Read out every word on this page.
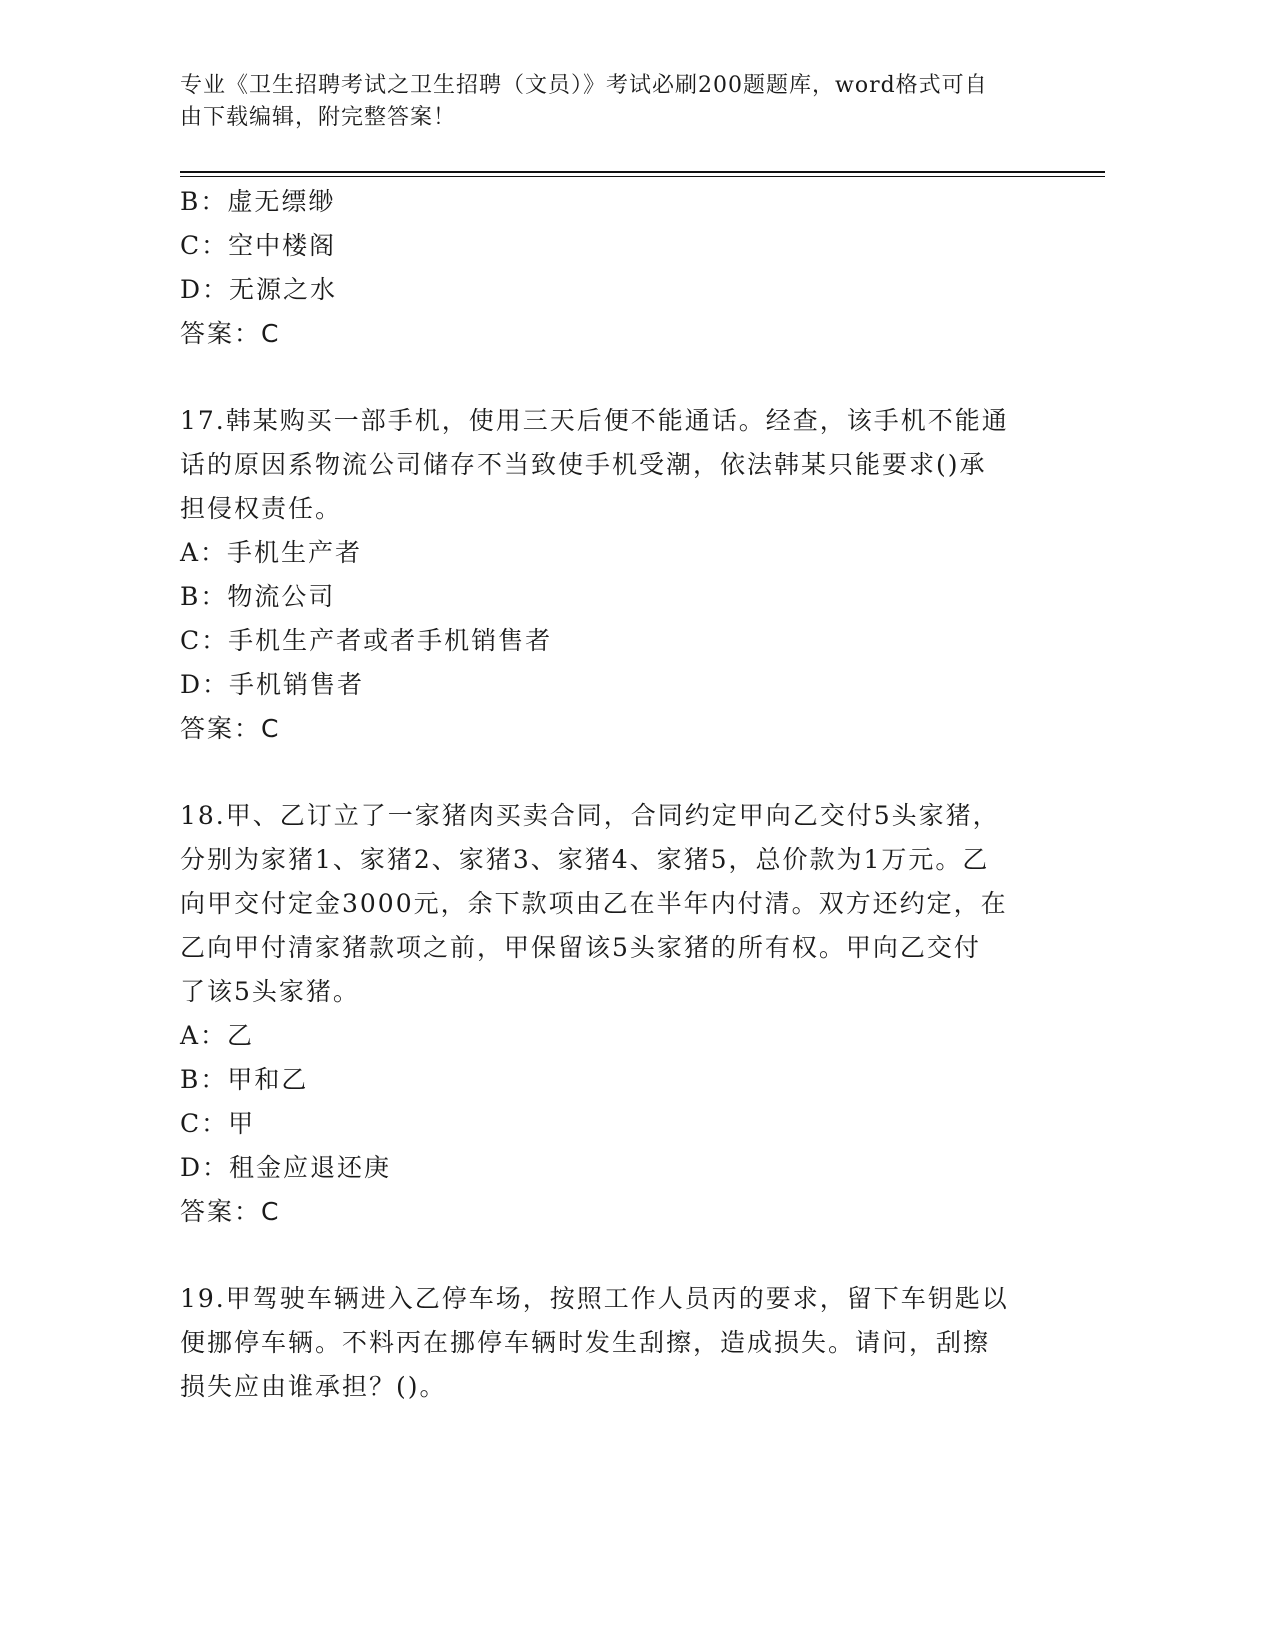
专业《卫生招聘考试之卫生招聘（文员）》考试必刷200题题库，word格式可自
由下载编辑，附完整答案！
B：虚无缥缈
C：空中楼阁
D：无源之水
答案：C
17.韩某购买一部手机，使用三天后便不能通话。经查，该手机不能通
话的原因系物流公司储存不当致使手机受潮，依法韩某只能要求()承
担侵权责任。
A：手机生产者
B：物流公司
C：手机生产者或者手机销售者
D：手机销售者
答案：C
18.甲、乙订立了一家猪肉买卖合同，合同约定甲向乙交付5头家猪，
分别为家猪1、家猪2、家猪3、家猪4、家猪5，总价款为1万元。乙
向甲交付定金3000元，余下款项由乙在半年内付清。双方还约定，在
乙向甲付清家猪款项之前，甲保留该5头家猪的所有权。甲向乙交付
了该5头家猪。
A：乙
B：甲和乙
C：甲
D：租金应退还庚
答案：C
19.甲驾驶车辆进入乙停车场，按照工作人员丙的要求，留下车钥匙以
便挪停车辆。不料丙在挪停车辆时发生刮擦，造成损失。请问，刮擦
损失应由谁承担？()。
